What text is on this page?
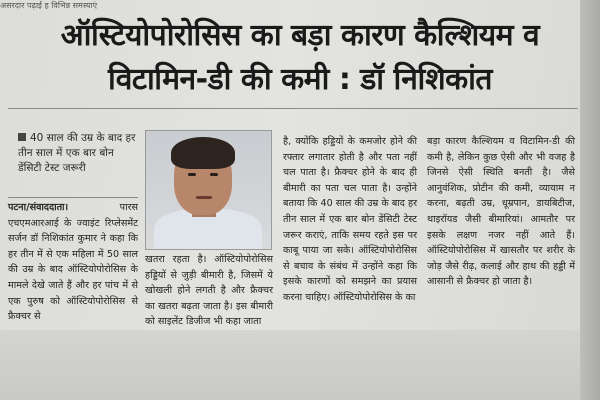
असरदार पढ़ाई ह विभिन्न समस्याएं
ऑस्टियोपोरोसिस का बड़ा कारण कैल्शियम व
विटामिन-डी की कमी : डॉ निशिकांत
40 साल की उम्र के बाद हर तीन साल में एक बार बोन डेंसिटी टेस्ट जरूरी

पटना/संवाददाता।	पारस एचएमआरआई के ज्वाइंट रिप्लेसमेंट सर्जन डॉ निशिकांत कुमार ने कहा कि हर तीन में से एक महिला में 50 साल की उम्र के बाद ऑस्टियोपोरोसिस के मामले देखे जाते हैं और हर पांच में से एक पुरुष को ऑस्टियोपोरोसिस से फ्रैक्चर से

खतरा रहता है। ऑस्टियोपोरोसिस हड्डियों से जुड़ी बीमारी है, जिसमें ये खोखली होने लगती है और फ्रैक्चर का खतरा बढ़ता जाता है। इस बीमारी को साइलेंट डिजीज भी कहा जाता

है, क्योंकि हड्डियों के कमजोर होने की रफ्तार लगातार होती है और पता नहीं चल पाता है। फ्रैक्चर होने के बाद ही बीमारी का पता चल पाता है। उन्होंने बताया कि 40 साल की उम्र के बाद हर तीन साल में एक बार बोन डेंसिटी टेस्ट जरूर कराएं, ताकि समय रहते इस पर काबू पाया जा सके। ऑस्टियोपोरोसिस से बचाव के संबंध में उन्होंने कहा कि इसके कारणों को समझने का प्रयास करना चाहिए। ऑस्टियोपोरोसिस के का

बड़ा कारण कैल्शियम व विटामिन-डी की कमी है, लेकिन कुछ ऐसी और भी वजह है जिनसे ऐसी स्थिति बनती है। जैसे आनुवंशिक, प्रोटीन की कमी, व्यायाम न करना, बढ़ती उम्र, धूम्रपान, डायबिटीज, थाइरॉयड जैसी बीमारियां। आमतौर पर इसके लक्षण नजर नहीं आते हैं। ऑस्टियोपोरोसिस में खासतौर पर शरीर के जोड़ जैसे रीढ़, कलाई और हाथ की हड्डी में आसानी से फ्रैक्चर हो जाता है।
